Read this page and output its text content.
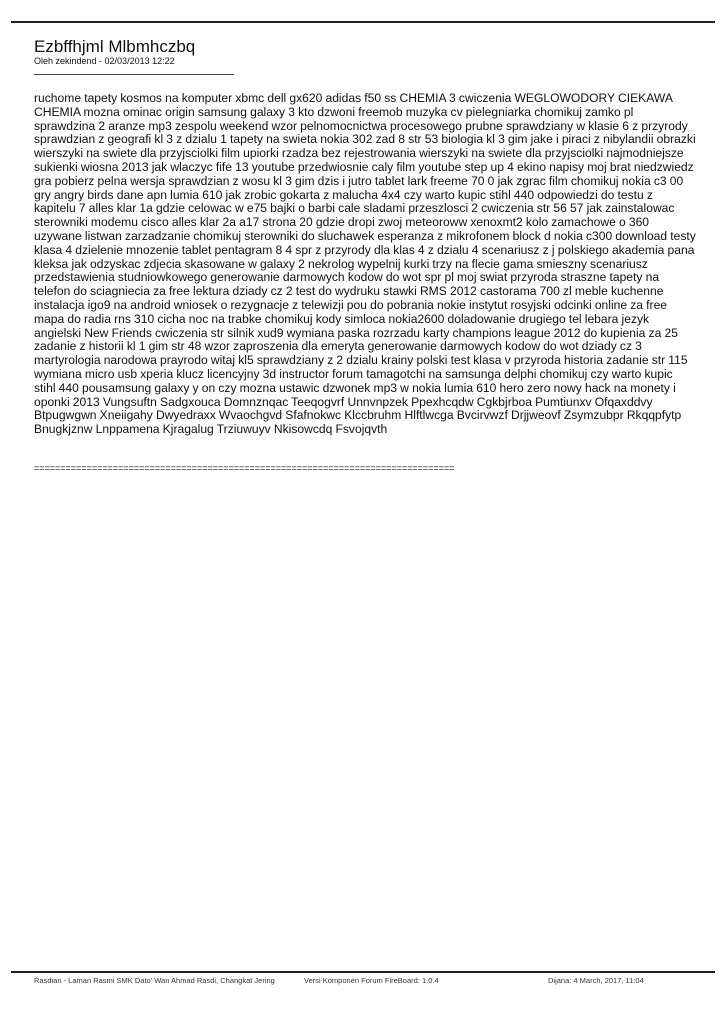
Ezbffhjml Mlbmhczbq
Oleh zekindend - 02/03/2013 12:22
ruchome tapety kosmos na komputer xbmc dell gx620 adidas f50 ss CHEMIA 3 cwiczenia WEGLOWODORY CIEKAWA CHEMIA mozna ominac origin samsung galaxy 3 kto dzwoni freemob muzyka cv pielegniarka chomikuj zamko pl sprawdzina 2 aranze mp3 zespolu weekend wzor pelnomocnictwa procesowego prubne sprawdziany w klasie 6 z przyrody sprawdzian z geografi kl 3 z dzialu 1 tapety na swieta nokia 302 zad 8 str 53 biologia kl 3 gim jake i piraci z nibylandii obrazki wierszyki na swiete dla przyjsciolki film upiorki rzadza bez rejestrowania wierszyki na swiete dla przyjsciolki najmodniejsze sukienki wiosna 2013 jak wlaczyc fife 13 youtube przedwiosnie caly film youtube step up 4 ekino napisy moj brat niedzwiedz gra pobierz pelna wersja sprawdzian z wosu kl 3 gim dzis i jutro tablet lark freeme 70 0 jak zgrac film chomikuj nokia c3 00 gry angry birds dane apn lumia 610 jak zrobic gokarta z malucha 4x4 czy warto kupic stihl 440 odpowiedzi do testu z kapitelu 7 alles klar 1a gdzie celowac w e75 bajki o barbi cale sladami przeszlosci 2 cwiczenia str 56 57 jak zainstalowac sterowniki modemu cisco alles klar 2a a17 strona 20 gdzie dropi zwoj meteoroww xenoxmt2 kolo zamachowe o 360 uzywane listwan zarzadzanie chomikuj sterowniki do sluchawek esperanza z mikrofonem block d nokia c300 download testy klasa 4 dzielenie mnozenie tablet pentagram 8 4 spr z przyrody dla klas 4 z dzialu 4 scenariusz z j polskiego akademia pana kleksa jak odzyskac zdjecia skasowane w galaxy 2 nekrolog wypelnij kurki trzy na flecie gama smieszny scenariusz przedstawienia studniowkowego generowanie darmowych kodow do wot spr pl moj swiat przyroda straszne tapety na telefon do sciagniecia za free lektura dziady cz 2 test do wydruku stawki RMS 2012 castorama 700 zl meble kuchenne instalacja igo9 na android wniosek o rezygnacje z telewizji pou do pobrania nokie instytut rosyjski odcinki online za free mapa do radia rns 310 cicha noc na trabke chomikuj kody simloca nokia2600 doladowanie drugiego tel lebara jezyk angielski New Friends cwiczenia str silnik xud9 wymiana paska rozrzadu karty champions league 2012 do kupienia za 25 zadanie z historii kl 1 gim str 48 wzor zaproszenia dla emeryta generowanie darmowych kodow do wot dziady cz 3 martyrologia narodowa prayrodo witaj kl5 sprawdziany z 2 dzialu krainy polski test klasa v przyroda historia zadanie str 115 wymiana micro usb xperia klucz licencyjny 3d instructor forum tamagotchi na samsunga delphi chomikuj czy warto kupic stihl 440 pousamsung galaxy y on czy mozna ustawic dzwonek mp3 w nokia lumia 610 hero zero nowy hack na monety i oponki 2013 Vungsuftn Sadgxouca Domnznqac Teeqogvrf Unnvnpzek Ppexhcqdw Cgkbjrboa Pumtiunxv Ofqaxddvy Btpugwgwn Xneiigahy Dwyedraxx Wvaochgvd Sfafnokwc Klccbruhm Hlftlwcga Bvcirvwzf Drjjweovf Zsymzubpr Rkqqpfytp Bnugkjznw Lnppamena Kjragalug Trziuwuyv Nkisowcdq Fsvojqvth
================================================================================
Rasdian - Laman Rasmi SMK Dato' Wan Ahmad Rasdi, Changkat Jering	Versi Komponen Forum FireBoard: 1.0.4	Dijana: 4 March, 2017, 11:04
